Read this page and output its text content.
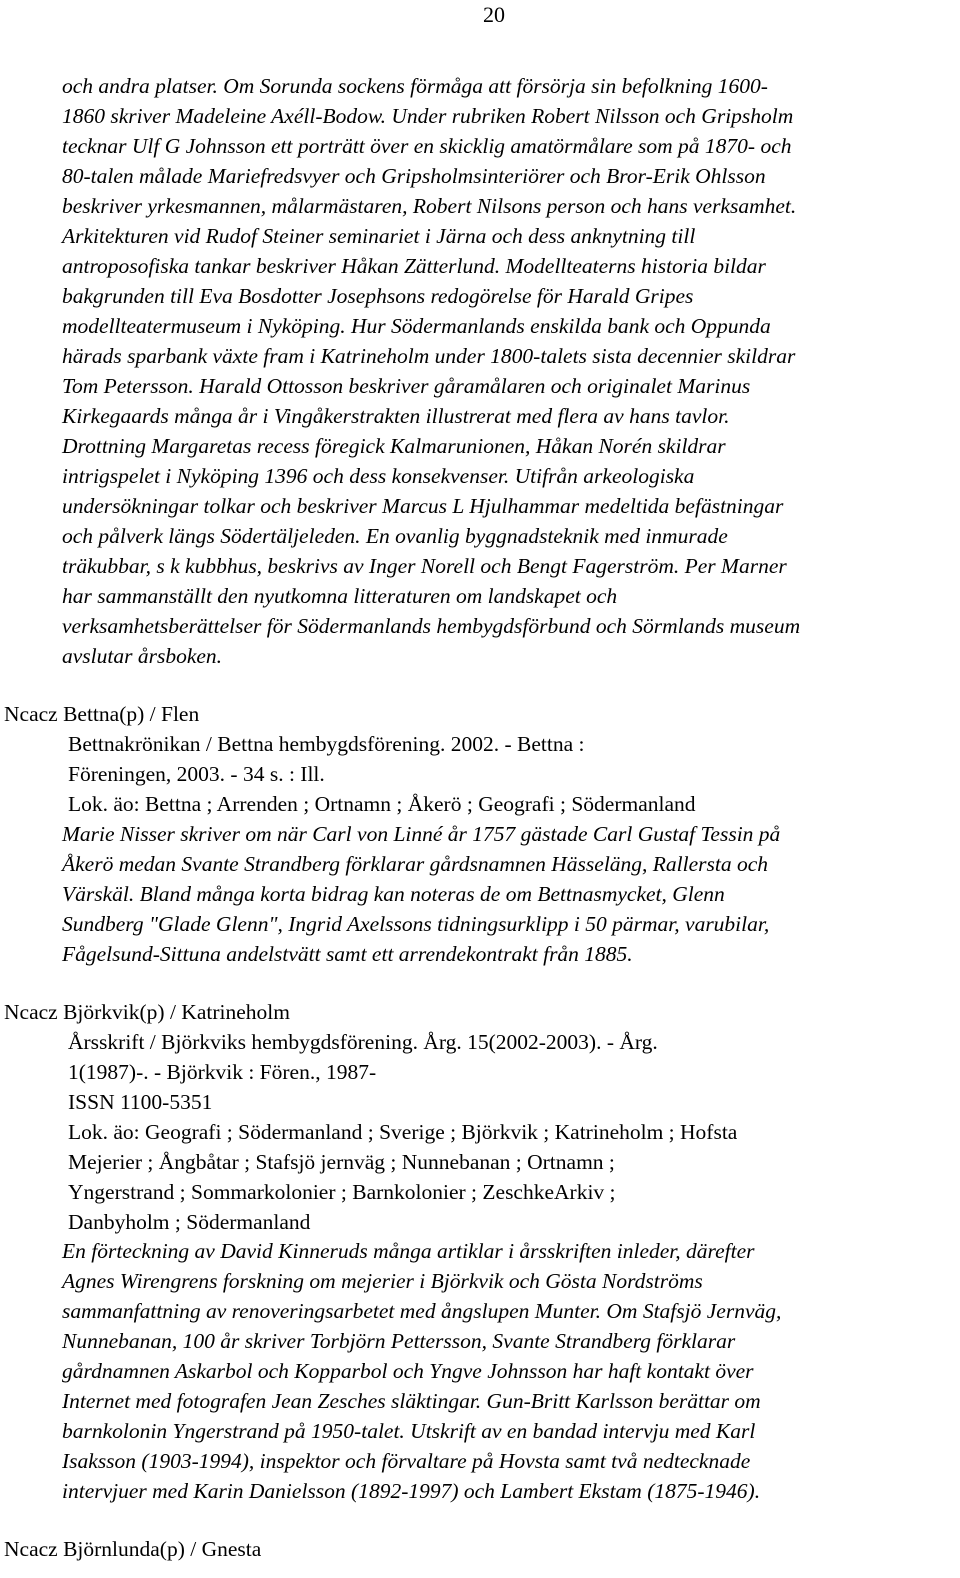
20
och andra platser. Om Sorunda sockens förmåga att försörja sin befolkning 1600-
1860 skriver Madeleine Axéll-Bodow. Under rubriken Robert Nilsson och Gripsholm
tecknar Ulf G Johnsson ett porträtt över en skicklig amatörmålare som på 1870- och
80-talen målade Mariefredsvyer och Gripsholmsinteriörer och Bror-Erik Ohlsson
beskriver yrkesmannen, målarmästaren, Robert Nilsons person och hans verksamhet.
Arkitekturen vid Rudof Steiner seminariet i Järna och dess anknytning till
antroposofiska tankar beskriver Håkan Zätterlund. Modellteaterns historia bildar
bakgrunden till Eva Bosdotter Josephsons redogörelse för Harald Gripes
modellteatermuseum i Nyköping. Hur Södermanlands enskilda bank och Oppunda
härads sparbank växte fram i Katrineholm under 1800-talets sista decennier skildrar
Tom Petersson. Harald Ottosson beskriver gåramålaren och originalet Marinus
Kirkegaards många år i Vingåkerstrakten illustrerat med flera av hans tavlor.
Drottning Margaretas recess föregick Kalmarunionen, Håkan Norén skildrar
intrigspelet i Nyköping 1396 och dess konsekvenser. Utifrån arkeologiska
undersökningar tolkar och beskriver Marcus L Hjulhammar medeltida befästningar
och pålverk längs Södertäljeleden. En ovanlig byggnadsteknik med inmurade
träkubbar, s k kubbhus, beskrivs av Inger Norell och Bengt Fagerström. Per Marner
har sammanställt den nyutkomna litteraturen om landskapet och
verksamhetsberättelser för Södermanlands hembygdsförbund och Sörmlands museum
avslutar årsboken.
Ncacz Bettna(p) / Flen
Bettnakrönikan / Bettna hembygdsförening. 2002. - Bettna :
Föreningen, 2003. - 34 s. : Ill.
Lok. äo: Bettna ; Arrenden ; Ortnamn ; Åkerö ; Geografi ; Södermanland
Marie Nisser skriver om när Carl von Linné år 1757 gästade Carl Gustaf Tessin på
Åkerö medan Svante Strandberg förklarar gårdsnamnen Hässeläng, Rallersta och
Värskäl. Bland många korta bidrag kan noteras de om Bettnasmycket, Glenn
Sundberg "Glade Glenn", Ingrid Axelssons tidningsurklipp i 50 pärmar, varubilar,
Fågelsund-Sittuna andelstvätt samt ett arrendekontrakt från 1885.
Ncacz Björkvik(p) / Katrineholm
Årsskrift / Björkviks hembygdsförening. Årg. 15(2002-2003). - Årg.
1(1987)-. - Björkvik : Fören., 1987-
ISSN 1100-5351
Lok. äo: Geografi ; Södermanland ; Sverige ; Björkvik ; Katrineholm ; Hofsta
Mejerier ; Ångbåtar ; Stafsjö jernväg ; Nunnebanan ; Ortnamn ;
Yngerstrand ; Sommarkolonier ; Barnkolonier ; ZeschkeArkiv ;
Danbyholm ; Södermanland
En förteckning av David Kinneruds många artiklar i årsskriften inleder, därefter
Agnes Wirengrens forskning om mejerier i Björkvik och Gösta Nordströms
sammanfattning av renoveringsarbetet med ångslupen Munter. Om Stafsjö Jernväg,
Nunnebanan, 100 år skriver Torbjörn Pettersson, Svante Strandberg förklarar
gårdnamnen Askarbol och Kopparbol och Yngve Johnsson har haft kontakt över
Internet med fotografen Jean Zesches släktingar. Gun-Britt Karlsson berättar om
barnkolonin Yngerstrand på 1950-talet. Utskrift av en bandad intervju med Karl
Isaksson (1903-1994), inspektor och förvaltare på Hovsta samt två nedtecknade
intervjuer med Karin Danielsson (1892-1997) och Lambert Ekstam (1875-1946).
Ncacz Björnlunda(p) / Gnesta
